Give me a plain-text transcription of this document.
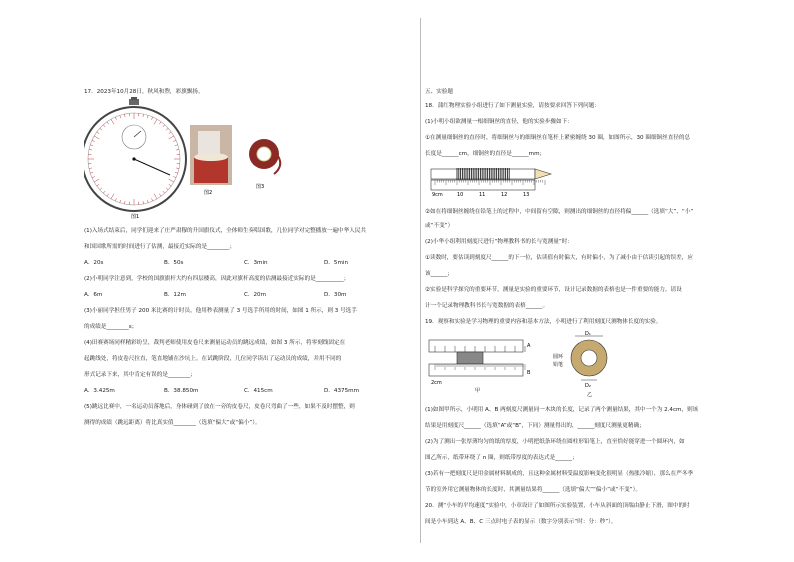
17．2023年10月28日，秋风和煦，彩旗飘扬。
图1
图2
图3
(1)入场式结束后，同学们迎来了庄严肃穆的升国旗仪式，全体师生奏唱国歌，几位同学对完整播放一遍中华人民共
和国国歌所需的时间进行了估测，最接近实际的是________；
A．20s	B．50s	C．3min	D．5min
(2)小明同学注意到，学校的国旗旗杆大约有四层楼高，因此对旗杆高度的估测最接近实际的是__________；
A．6m	B．12m	C．20m	D．30m
(3)小丽同学担任男子 200 米比赛的计时员，他用秒表测量了 3 号选手所用的时间，如图 1 所示，则 3 号选手
的成绩是________s；
(4)田赛赛场同样精彩纷呈，裁判老师使用皮卷尺来测量运动员的跳远成绩，如图 3 所示，将零刻线固定在
起跳线处，将皮卷尺拉直，笔直地铺在沙坑上。在试跳阶段，几位同学读出了运动员的成绩，并用不同的
形式记录下来，其中肯定有误的是________；
A．3.425m	B．38.850m	C．415cm	D．4375mm
(5)跳远比赛中，一名运动员落地后，身体碰到了放在一旁的皮卷尺，皮卷尺弯曲了一些，如果不及时摆整，则
测得的成绩（跳远距离）将比真实值________（选填“偏大”或“偏小”）。
五、实验题
18．蒲红物理实验小组进行了如下测量实验，请按要求回答下列问题：
(1)小明小组欲测量一根细铜丝的直径，他的实验步骤如下：
①在测量细铜丝的直径时，将细铜丝与的细铜丝在笔杆上紧密缠绕 30 圈，如图所示，30 圈细铜丝直径的总
长度是______cm，细铜丝的直径是______mm；
9cm	10	11	12	13
②如在将细铜丝缠绕在铅笔上的过程中，中间留有空隙，则测出的细铜丝的直径将偏______（选填“大”、“小”
或“不变”）
(2)小华小组利用刻度尺进行“物理教科书的长与宽测量”时：
①读数时，要估读到刻度尺______的下一位，估读值有时偏大，有时偏小，为了减小由于估读引起的误差，应
该______；
②实验是科学探究的重要环节，测量是实验的重要环节，设计记录数据的表格也是一件重要的能力，请设
计一个记录物理教科书长与宽数据的表格______。
19．观察和实验是学习物理的重要内容和基本方法，小明进行了利用刻度尺测物体长度的实验。
A
B
2cm
甲
D₁
D₂
圆环
铅笔
乙
(1)如图甲所示，小明用 A、B 两刻度尺测量同一木块的长度，记录了两个测量结果，其中一个为 2.4cm，则该
结果是用刻度尺______（选填“A”或“B”，下同）测量得出的，______刻度尺测量更精确；
(2)为了测出一张厚薄均匀的纸的厚度，小明把纸条环绕在圆柱形铅笔上，直至恰好能穿进一个圆环内，如
图乙所示，纸带环绕了 n 圈，则纸带厚度的表达式是______；
(3)若有一把刻度尺是用金属材料制成的，且这种金属材料受温度影响变化很明显（热胀冷缩），那么在严冬季
节的室外用它测量物体的长度时，其测量结果将______（选填“偏大”“偏小”或“不变”）。
20．测“小车的平均速度”实验中，小章设计了如图所示实验装置，小车从斜面的顶端由静止下滑，图中的时
间是小车到达 A、B、C 三点时电子表的显示（数字分别表示“时：分：秒”）。
